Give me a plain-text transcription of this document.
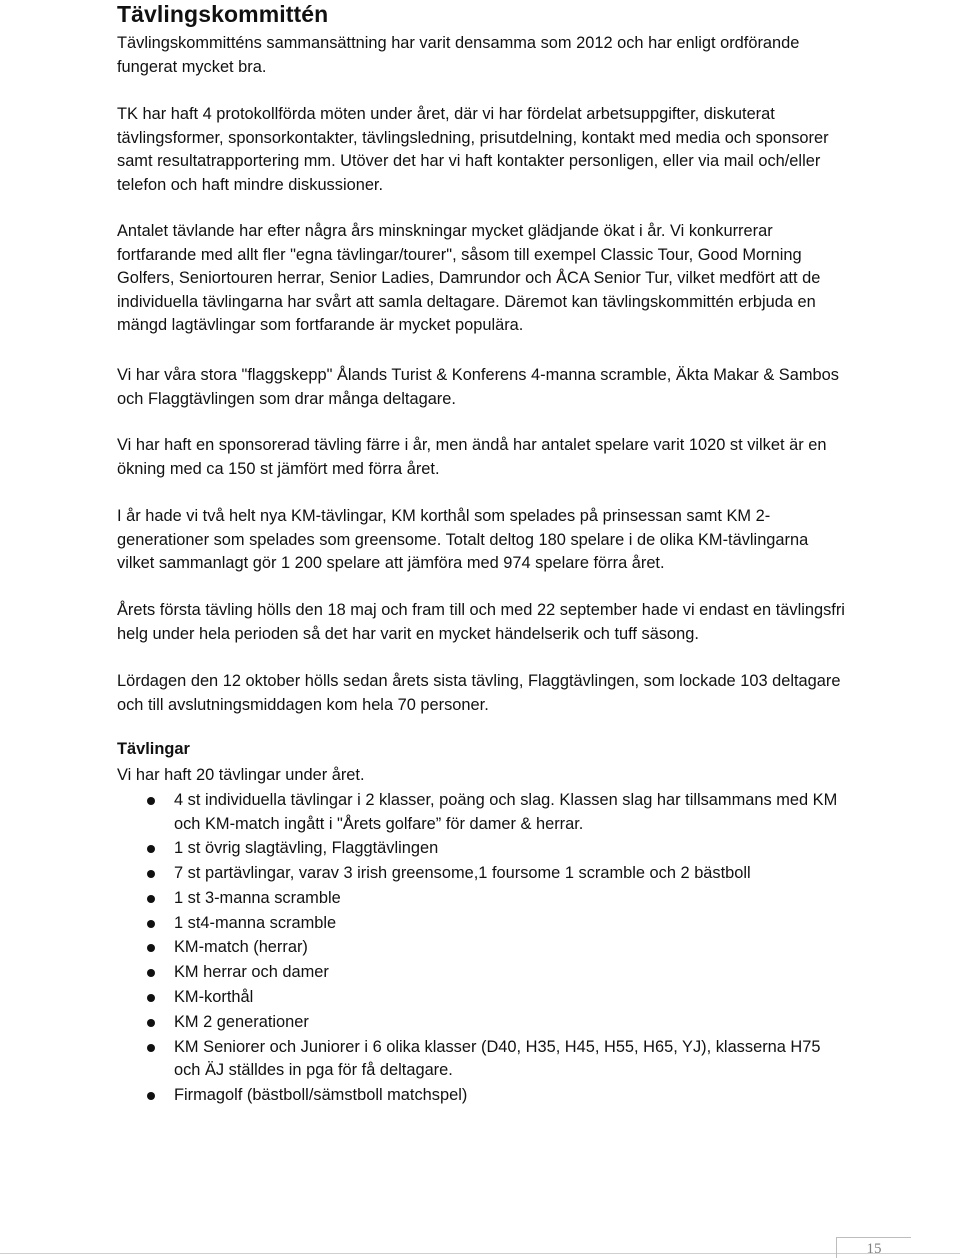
Tävlingskommittén

Tävlingskommitténs sammansättning har varit densamma som 2012 och har enligt ordförande fungerat mycket bra.

TK har haft 4 protokollförda möten under året, där vi har fördelat arbetsuppgifter, diskuterat tävlingsformer, sponsorkontakter, tävlingsledning, prisutdelning, kontakt med media och sponsorer samt resultatrapportering mm. Utöver det har vi haft kontakter personligen, eller via mail och/eller telefon och haft mindre diskussioner.

Antalet tävlande har efter några års minskningar mycket glädjande ökat i år. Vi konkurrerar fortfarande med allt fler "egna tävlingar/tourer", såsom till exempel Classic Tour, Good Morning Golfers, Seniortouren herrar, Senior Ladies, Damrundor och ÅCA Senior Tur, vilket medfört att de individuella tävlingarna har svårt att samla deltagare. Däremot kan tävlingskommittén erbjuda en mängd lagtävlingar som fortfarande är mycket populära.

Vi har våra stora "flaggskepp" Ålands Turist & Konferens 4-manna scramble, Äkta Makar & Sambos och Flaggtävlingen som drar många deltagare.

Vi har haft en sponsorerad tävling färre i år, men ändå har antalet spelare varit 1020 st vilket är en ökning med ca 150 st jämfört med förra året.

I år hade vi två helt nya KM-tävlingar, KM korthål som spelades på prinsessan samt KM 2-generationer som spelades som greensome. Totalt deltog 180 spelare i de olika KM-tävlingarna vilket sammanlagt gör 1 200 spelare att jämföra med 974 spelare förra året.

Årets första tävling hölls den 18 maj och fram till och med 22 september hade vi endast en tävlingsfri helg under hela perioden så det har varit en mycket händelserik och tuff säsong.

Lördagen den 12 oktober hölls sedan årets sista tävling, Flaggtävlingen, som lockade 103 deltagare och till avslutningsmiddagen kom hela 70 personer.

Tävlingar

Vi har haft 20 tävlingar under året.

4 st individuella tävlingar i 2 klasser, poäng och slag. Klassen slag har tillsammans med KM och KM-match ingått i "Årets golfare” för damer & herrar.
1 st övrig slagtävling, Flaggtävlingen
7 st partävlingar, varav 3 irish greensome,1 foursome 1 scramble och 2 bästboll
1 st 3-manna scramble
1 st4-manna scramble
KM-match (herrar)
KM herrar och damer
KM-korthål
KM 2 generationer
KM Seniorer och Juniorer i 6 olika klasser (D40, H35, H45, H55, H65, YJ), klasserna H75 och ÄJ ställdes in pga för få deltagare.
Firmagolf (bästboll/sämstboll matchspel)
15
